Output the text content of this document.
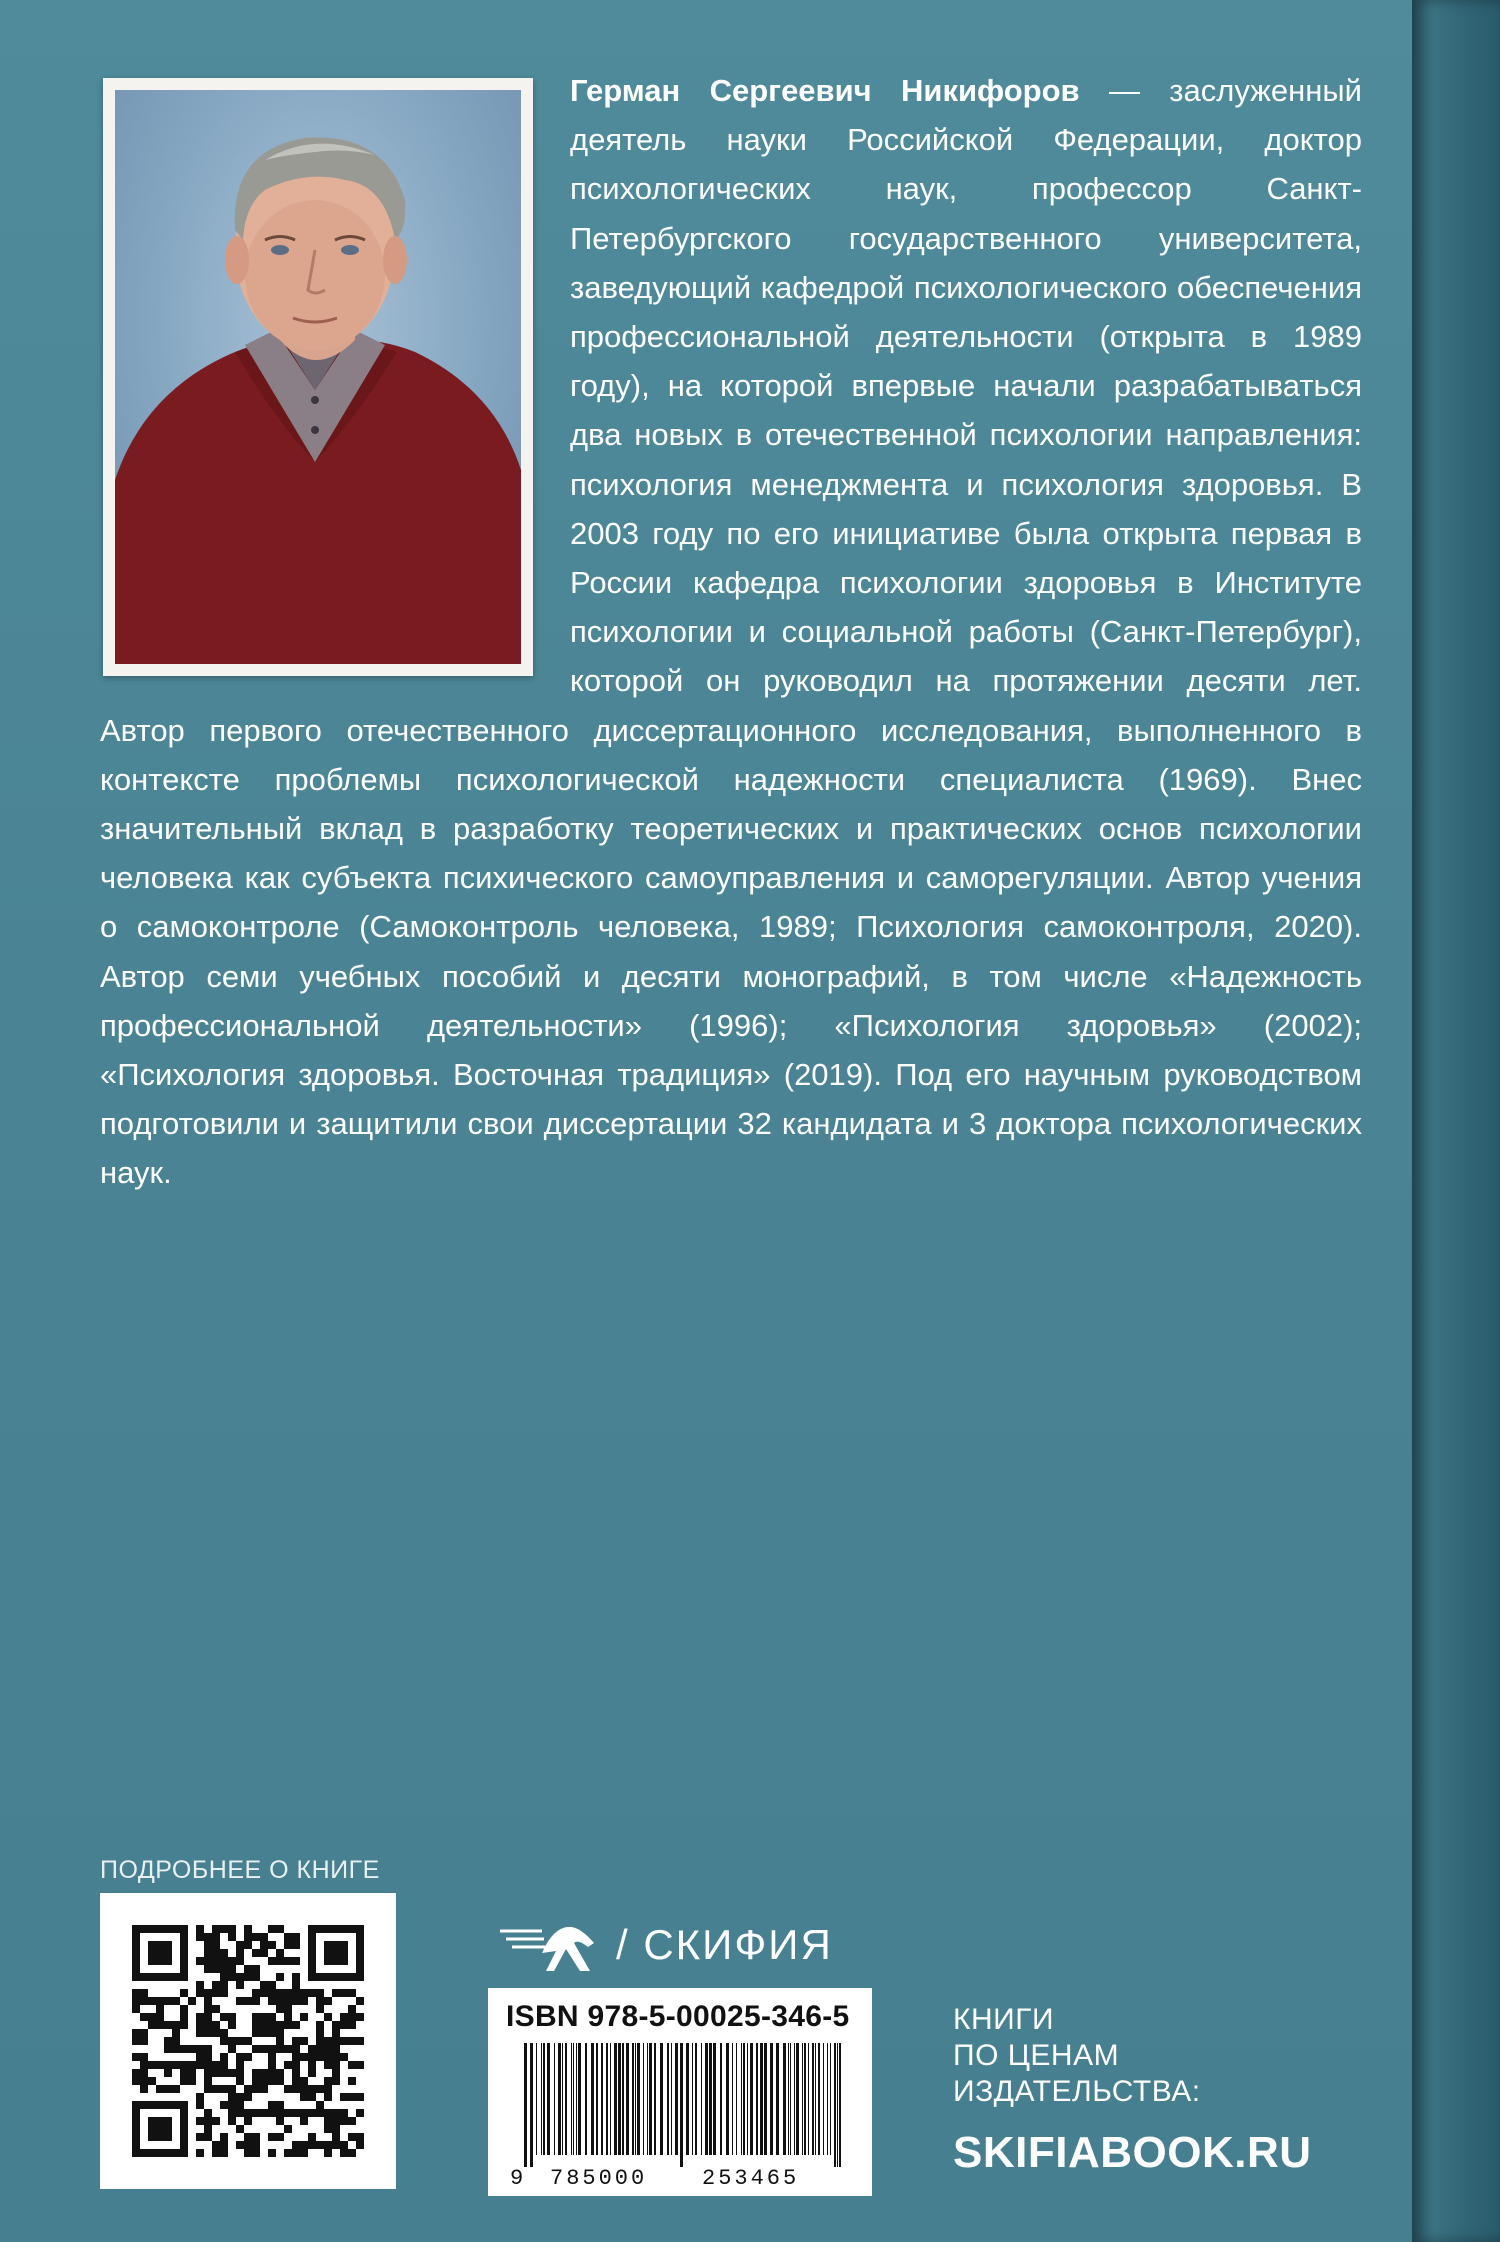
Герман Сергеевич Никифоров — заслуженный деятель науки Российской Федерации, доктор психологических наук, профессор Санкт-Петербургского государственного университета, заведующий кафедрой психологического обеспечения профессиональной деятельности (открыта в 1989 году), на которой впервые начали разрабатываться два новых в отечественной психологии направления: психология менеджмента и психология здоровья. В 2003 году по его инициативе была открыта первая в России кафедра психологии здоровья в Институте психологии и социальной работы (Санкт-Петербург), которой он руководил на протяжении десяти лет. Автор первого отечественного диссертационного исследования, выполненного в контексте проблемы психологической надежности специалиста (1969). Внес значительный вклад в разработку теоретических и практических основ психологии человека как субъекта психического самоуправления и саморегуляции. Автор учения о самоконтроле (Самоконтроль человека, 1989; Психология самоконтроля, 2020). Автор семи учебных пособий и десяти монографий, в том числе «Надежность профессиональной деятельности» (1996); «Психология здоровья» (2002); «Психология здоровья. Восточная традиция» (2019). Под его научным руководством подготовили и защитили свои диссертации 32 кандидата и 3 доктора психологических наук.

ПОДРОБНЕЕ О КНИГЕ
/ СКИФИЯ
ISBN 978-5-00025-346-5
9 785000 253465
КНИГИ
ПО ЦЕНАМ
ИЗДАТЕЛЬСТВА:
SKIFIABOOK.RU
